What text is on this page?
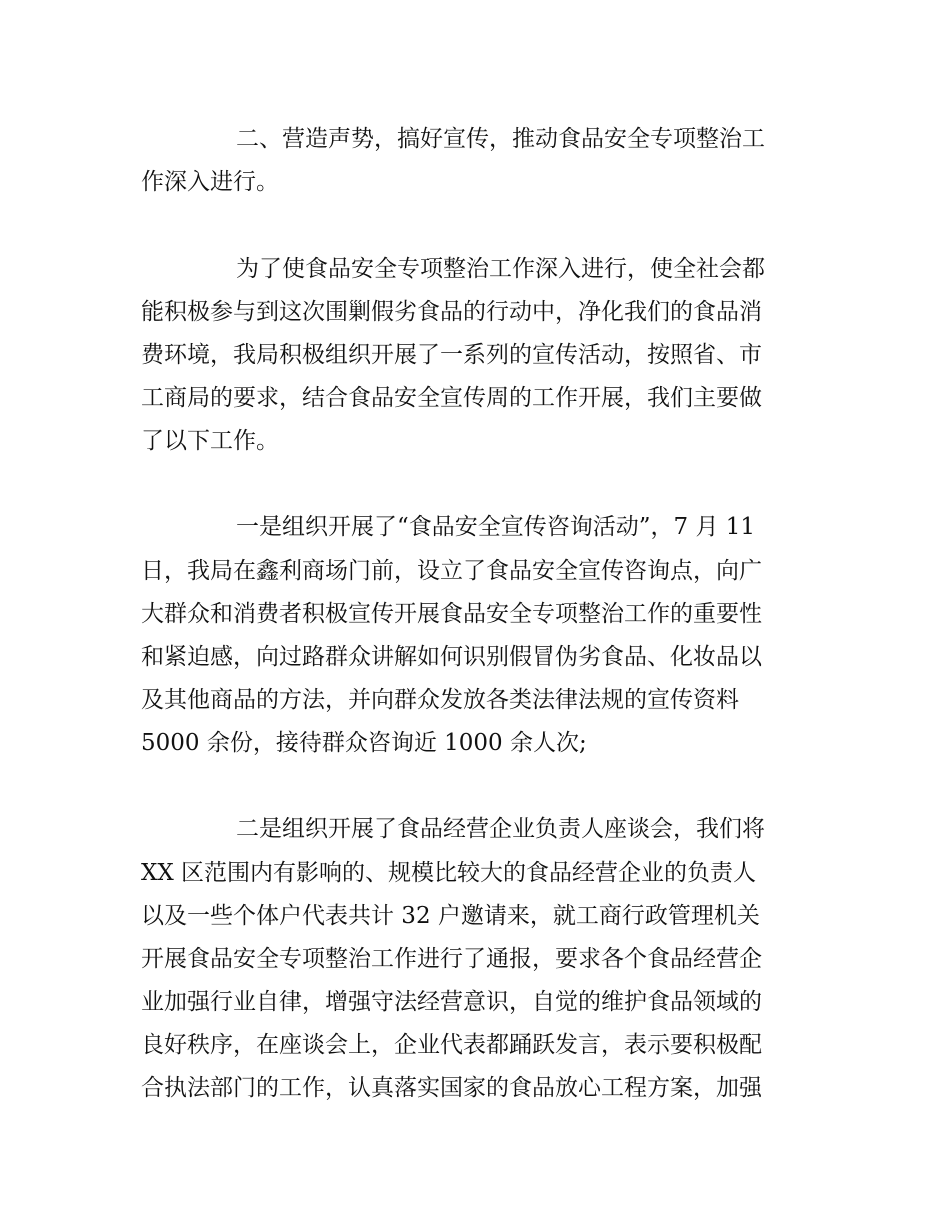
二、营造声势，搞好宣传，推动食品安全专项整治工

作深入进行。

为了使食品安全专项整治工作深入进行，使全社会都

能积极参与到这次围剿假劣食品的行动中，净化我们的食品消

费环境，我局积极组织开展了一系列的宣传活动，按照省、市

工商局的要求，结合食品安全宣传周的工作开展，我们主要做

了以下工作。

一是组织开展了“食品安全宣传咨询活动”，7 月 11

日，我局在鑫利商场门前，设立了食品安全宣传咨询点，向广

大群众和消费者积极宣传开展食品安全专项整治工作的重要性

和紧迫感，向过路群众讲解如何识别假冒伪劣食品、化妆品以

及其他商品的方法，并向群众发放各类法律法规的宣传资料

5000 余份，接待群众咨询近 1000 余人次;

二是组织开展了食品经营企业负责人座谈会，我们将

XX 区范围内有影响的、规模比较大的食品经营企业的负责人

以及一些个体户代表共计 32 户邀请来，就工商行政管理机关

开展食品安全专项整治工作进行了通报，要求各个食品经营企

业加强行业自律，增强守法经营意识，自觉的维护食品领域的

良好秩序，在座谈会上，企业代表都踊跃发言，表示要积极配

合执法部门的工作，认真落实国家的食品放心工程方案，加强
